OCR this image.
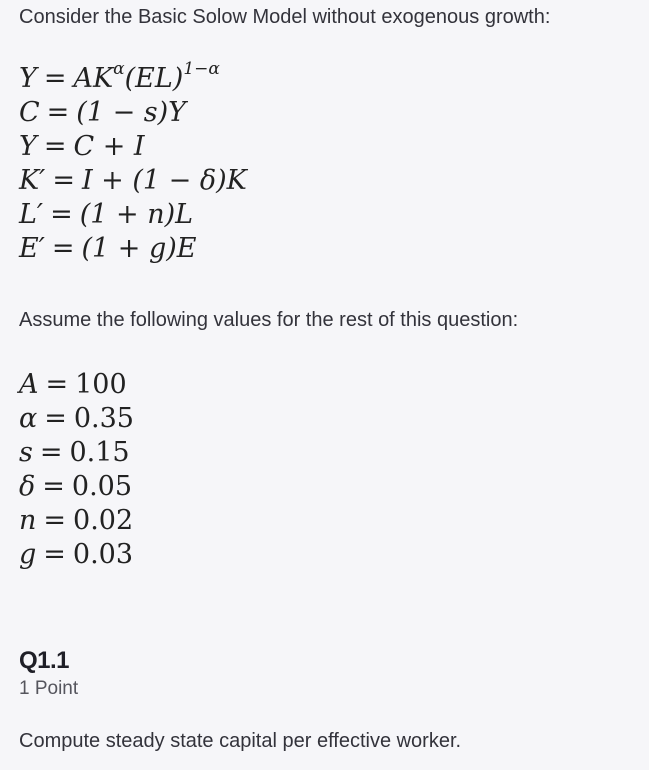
Consider the Basic Solow Model without exogenous growth:
$Y = AK^\alpha(EL)^{1-\alpha}$
C = (1 − s)Y
Y = C + I
K′ = I + (1 − δ)K
L′ = (1 + n)L
E′ = (1 + g)E
Assume the following values for the rest of this question:
A = 100
α = 0.35
s = 0.15
δ = 0.05
n = 0.02
g = 0.03
Q1.1
1 Point
Compute steady state capital per effective worker.
